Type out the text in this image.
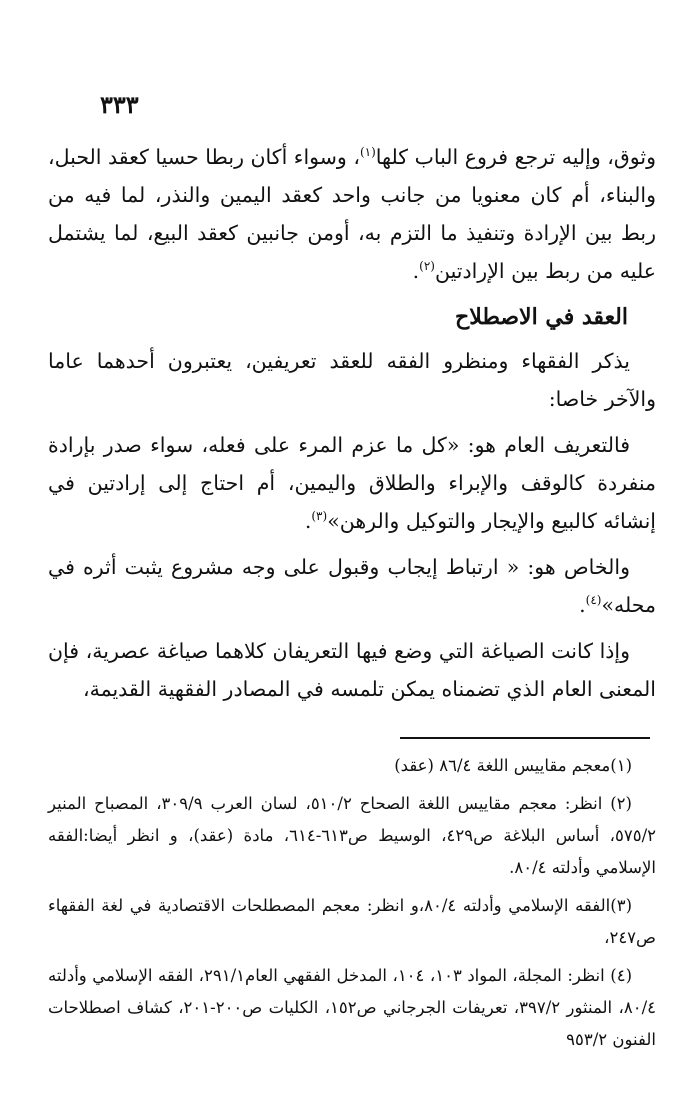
٣٣٣

وثوق، وإليه ترجع فروع الباب كلها$^{(١)}$، وسواء أكان ربطا حسيا كعقد الحبل، والبناء، أم كان معنويا من جانب واحد كعقد اليمين والنذر، لما فيه من ربط بين الإرادة وتنفيذ ما التزم به، أومن جانبين كعقد البيع، لما يشتمل عليه من ربط بين الإرادتين$^{(٢)}$.

العقد في الاصطلاح

يذكر الفقهاء ومنظرو الفقه للعقد تعريفين، يعتبرون أحدهما عاما والآخر خاصا:

فالتعريف العام هو: «كل ما عزم المرء على فعله، سواء صدر بإرادة منفردة كالوقف والإبراء والطلاق واليمين، أم احتاج إلى إرادتين في إنشائه كالبيع والإيجار والتوكيل والرهن»$^{(٣)}$.

والخاص هو: « ارتباط إيجاب وقبول على وجه مشروع يثبت أثره في محله»$^{(٤)}$.

وإذا كانت الصياغة التي وضع فيها التعريفان كلاهما صياغة عصرية، فإن المعنى العام الذي تضمناه يمكن تلمسه في المصادر الفقهية القديمة،

(١)معجم مقاييس اللغة ٨٦/٤ (عقد)

(٢) انظر: معجم مقاييس اللغة الصحاح ٥١٠/٢، لسان العرب ٣٠٩/٩، المصباح المنير ٥٧٥/٢، أساس البلاغة ص٤٢٩، الوسيط ص٦١٣-٦١٤، مادة (عقد)، و انظر أيضا:الفقه الإسلامي وأدلته ٨٠/٤.

(٣)الفقه الإسلامي وأدلته ٨٠/٤،و انظر: معجم المصطلحات الاقتصادية في لغة الفقهاء ص٢٤٧،

(٤) انظر: المجلة، المواد ١٠٣، ١٠٤، المدخل الفقهي العام٢٩١/١، الفقه الإسلامي وأدلته ٨٠/٤، المنثور ٣٩٧/٢، تعريفات الجرجاني ص١٥٢، الكليات ص٢٠٠-٢٠١، كشاف اصطلاحات الفنون ٩٥٣/٢
